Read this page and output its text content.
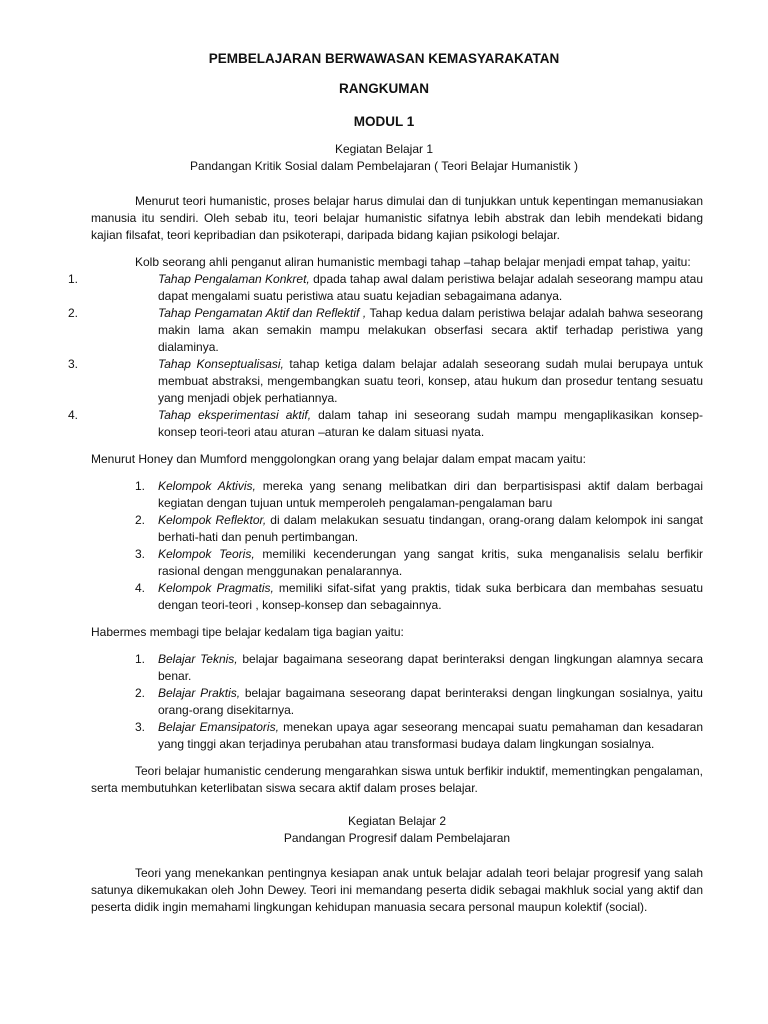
PEMBELAJARAN BERWAWASAN KEMASYARAKATAN
RANGKUMAN
MODUL 1
Kegiatan Belajar 1
Pandangan Kritik Sosial dalam Pembelajaran ( Teori Belajar Humanistik )

Menurut teori humanistic, proses belajar harus dimulai dan di tunjukkan untuk kepentingan memanusiakan manusia itu sendiri. Oleh sebab itu, teori belajar humanistic sifatnya lebih abstrak dan lebih mendekati bidang kajian filsafat, teori kepribadian dan psikoterapi, daripada bidang kajian psikologi belajar.

Kolb seorang ahli penganut aliran humanistic membagi tahap –tahap belajar menjadi empat tahap, yaitu:

1.	Tahap Pengalaman Konkret, dpada tahap awal dalam peristiwa belajar adalah seseorang mampu atau dapat mengalami suatu peristiwa atau suatu kejadian sebagaimana adanya.
2.	Tahap Pengamatan Aktif dan Reflektif , Tahap kedua dalam peristiwa belajar adalah bahwa seseorang makin lama akan semakin mampu melakukan obserfasi secara aktif terhadap peristiwa yang dialaminya.
3.	Tahap Konseptualisasi, tahap ketiga dalam belajar adalah seseorang sudah mulai berupaya untuk membuat abstraksi, mengembangkan suatu teori, konsep, atau hukum dan prosedur tentang sesuatu yang menjadi objek perhatiannya.
4.	Tahap eksperimentasi aktif, dalam tahap ini seseorang sudah mampu mengaplikasikan konsep-konsep teori-teori atau aturan –aturan ke dalam situasi nyata.

Menurut Honey dan Mumford menggolongkan orang yang belajar dalam empat macam yaitu:

1. Kelompok Aktivis, mereka yang senang melibatkan diri dan berpartisispasi aktif dalam berbagai kegiatan dengan tujuan untuk memperoleh pengalaman-pengalaman baru
2. Kelompok Reflektor, di dalam melakukan sesuatu tindangan, orang-orang dalam kelompok ini sangat berhati-hati dan penuh pertimbangan.
3. Kelompok Teoris, memiliki kecenderungan yang sangat kritis, suka menganalisis selalu berfikir rasional dengan menggunakan penalarannya.
4. Kelompok Pragmatis, memiliki sifat-sifat yang praktis, tidak suka berbicara dan membahas sesuatu dengan teori-teori , konsep-konsep dan sebagainnya.

Habermes membagi tipe belajar kedalam tiga bagian yaitu:

1. Belajar Teknis, belajar bagaimana seseorang dapat berinteraksi dengan lingkungan alamnya secara benar.
2. Belajar Praktis, belajar bagaimana seseorang dapat berinteraksi dengan lingkungan sosialnya, yaitu orang-orang disekitarnya.
3. Belajar Emansipatoris, menekan upaya agar seseorang mencapai suatu pemahaman dan kesadaran yang tinggi akan terjadinya perubahan atau transformasi budaya dalam lingkungan sosialnya.

Teori belajar humanistic cenderung mengarahkan siswa untuk berfikir induktif, mementingkan pengalaman, serta membutuhkan keterlibatan siswa secara aktif dalam proses belajar.

Kegiatan Belajar 2
Pandangan Progresif dalam Pembelajaran

Teori yang menekankan pentingnya kesiapan anak untuk belajar adalah teori belajar progresif yang salah satunya dikemukakan oleh John Dewey. Teori ini memandang peserta didik sebagai makhluk social yang aktif dan peserta didik ingin memahami lingkungan kehidupan manuasia secara personal maupun kolektif (social).
